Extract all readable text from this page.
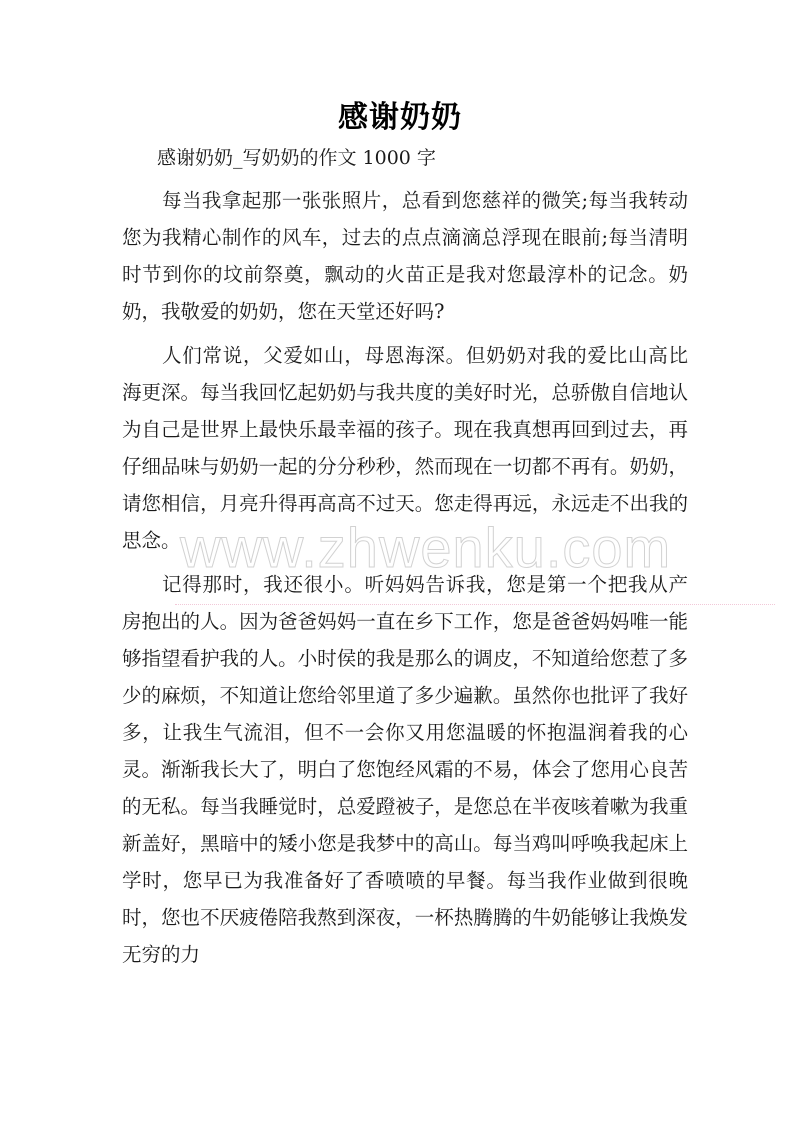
感谢奶奶
感谢奶奶_写奶奶的作文 1000 字

每当我拿起那一张张照片，总看到您慈祥的微笑;每当我转动您为我精心制作的风车，过去的点点滴滴总浮现在眼前;每当清明时节到你的坟前祭奠，飘动的火苗正是我对您最淳朴的记念。奶奶，我敬爱的奶奶，您在天堂还好吗?

人们常说，父爱如山，母恩海深。但奶奶对我的爱比山高比海更深。每当我回忆起奶奶与我共度的美好时光，总骄傲自信地认为自己是世界上最快乐最幸福的孩子。现在我真想再回到过去，再仔细品味与奶奶一起的分分秒秒，然而现在一切都不再有。奶奶，请您相信，月亮升得再高高不过天。您走得再远，永远走不出我的思念。

记得那时，我还很小。听妈妈告诉我，您是第一个把我从产房抱出的人。因为爸爸妈妈一直在乡下工作，您是爸爸妈妈唯一能够指望看护我的人。小时侯的我是那么的调皮，不知道给您惹了多少的麻烦，不知道让您给邻里道了多少遍歉。虽然你也批评了我好多，让我生气流泪，但不一会你又用您温暖的怀抱温润着我的心灵。渐渐我长大了，明白了您饱经风霜的不易，体会了您用心良苦的无私。每当我睡觉时，总爱蹬被子，是您总在半夜咳着嗽为我重新盖好，黑暗中的矮小您是我梦中的高山。每当鸡叫呼唤我起床上学时，您早已为我准备好了香喷喷的早餐。每当我作业做到很晚时，您也不厌疲倦陪我熬到深夜，一杯热腾腾的牛奶能够让我焕发无穷的力

www.zhwenku.com
